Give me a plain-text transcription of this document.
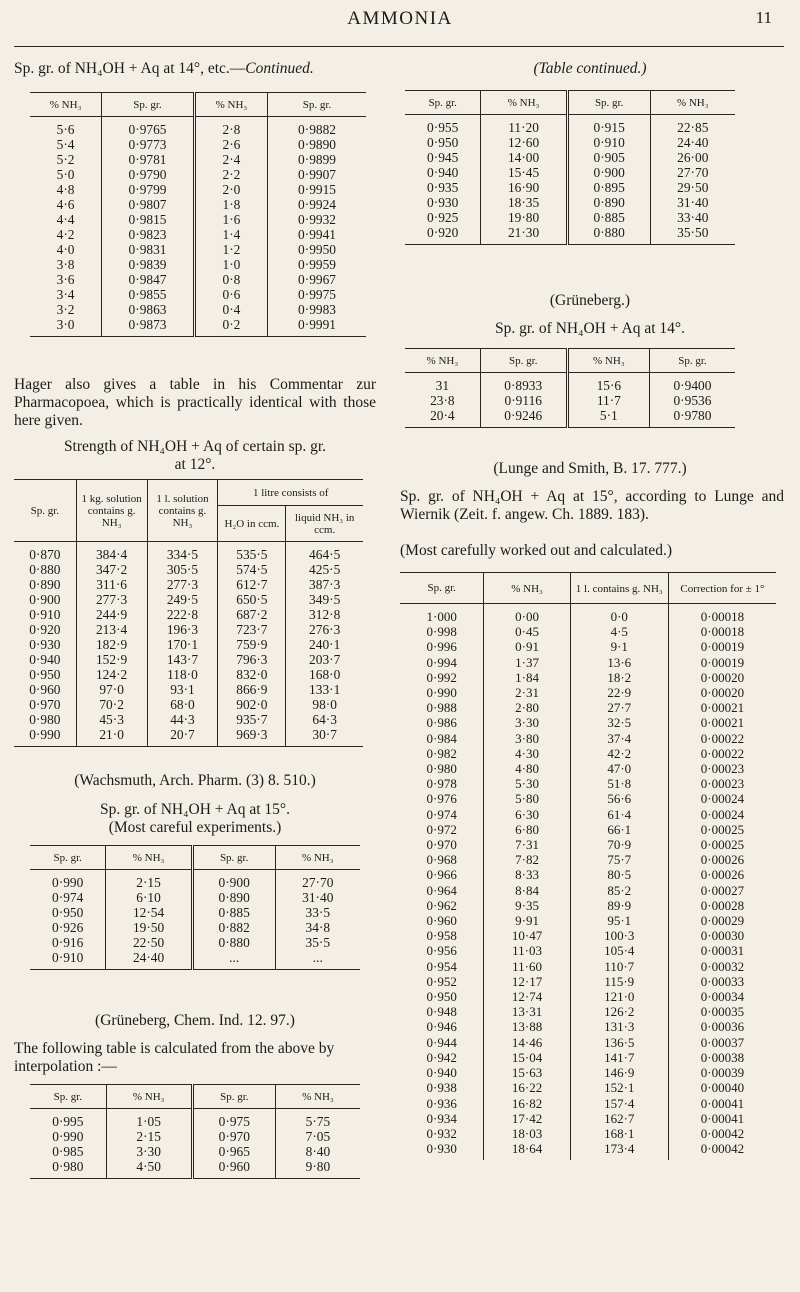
AMMONIA	11
Sp. gr. of NH₄OH + Aq at 14°, etc.—Continued.
% NH₃	Sp. gr.	% NH₃	Sp. gr.
5·6	0·9765	2·8	0·9882
5·4	0·9773	2·6	0·9890
5·2	0·9781	2·4	0·9899
5·0	0·9790	2·2	0·9907
4·8	0·9799	2·0	0·9915
4·6	0·9807	1·8	0·9924
4·4	0·9815	1·6	0·9932
4·2	0·9823	1·4	0·9941
4·0	0·9831	1·2	0·9950
3·8	0·9839	1·0	0·9959
3·6	0·9847	0·8	0·9967
3·4	0·9855	0·6	0·9975
3·2	0·9863	0·4	0·9983
3·0	0·9873	0·2	0·9991
Hager also gives a table in his Commentar zur Pharmacopoea, which is practically identical with those here given.
Strength of NH₄OH + Aq of certain sp. gr.
at 12°.
Sp. gr.	1 kg. solution contains g. NH₃	1 l. solution contains g. NH₃	1 litre consists of	
			H₂O in ccm.	liquid NH₃ in ccm.
0·870	384·4	334·5	535·5	464·5
0·880	347·2	305·5	574·5	425·5
0·890	311·6	277·3	612·7	387·3
0·900	277·3	249·5	650·5	349·5
0·910	244·9	222·8	687·2	312·8
0·920	213·4	196·3	723·7	276·3
0·930	182·9	170·1	759·9	240·1
0·940	152·9	143·7	796·3	203·7
0·950	124·2	118·0	832·0	168·0
0·960	97·0	93·1	866·9	133·1
0·970	70·2	68·0	902·0	98·0
0·980	45·3	44·3	935·7	64·3
0·990	21·0	20·7	969·3	30·7
(Wachsmuth, Arch. Pharm. (3) 8. 510.)
Sp. gr. of NH₄OH + Aq at 15°.
(Most careful experiments.)
Sp. gr.	% NH₃	Sp. gr.	% NH₃
0·990	2·15	0·900	27·70
0·974	6·10	0·890	31·40
0·950	12·54	0·885	33·5
0·926	19·50	0·882	34·8
0·916	22·50	0·880	35·5
0·910	24·40	...	...
(Grüneberg, Chem. Ind. 12. 97.)
The following table is calculated from the above by interpolation :—
Sp. gr.	% NH₃	Sp. gr.	% NH₃
0·995	1·05	0·975	5·75
0·990	2·15	0·970	7·05
0·985	3·30	0·965	8·40
0·980	4·50	0·960	9·80
(Table continued.)
Sp. gr.	% NH₃	Sp. gr.	% NH₃
0·955	11·20	0·915	22·85
0·950	12·60	0·910	24·40
0·945	14·00	0·905	26·00
0·940	15·45	0·900	27·70
0·935	16·90	0·895	29·50
0·930	18·35	0·890	31·40
0·925	19·80	0·885	33·40
0·920	21·30	0·880	35·50
(Grüneberg.)
Sp. gr. of NH₄OH + Aq at 14°.
% NH₃	Sp. gr.	% NH₃	Sp. gr.
31	0·8933	15·6	0·9400
23·8	0·9116	11·7	0·9536
20·4	0·9246	5·1	0·9780
(Lunge and Smith, B. 17. 777.)
Sp. gr. of NH₄OH + Aq at 15°, according to Lunge and Wiernik (Zeit. f. angew. Ch. 1889. 183).
(Most carefully worked out and calculated.)
Sp. gr.	% NH₃	1 l. contains g. NH₃	Correction for ± 1°
1·000	0·00	0·0	0·00018
0·998	0·45	4·5	0·00018
0·996	0·91	9·1	0·00019
0·994	1·37	13·6	0·00019
0·992	1·84	18·2	0·00020
0·990	2·31	22·9	0·00020
0·988	2·80	27·7	0·00021
0·986	3·30	32·5	0·00021
0·984	3·80	37·4	0·00022
0·982	4·30	42·2	0·00022
0·980	4·80	47·0	0·00023
0·978	5·30	51·8	0·00023
0·976	5·80	56·6	0·00024
0·974	6·30	61·4	0·00024
0·972	6·80	66·1	0·00025
0·970	7·31	70·9	0·00025
0·968	7·82	75·7	0·00026
0·966	8·33	80·5	0·00026
0·964	8·84	85·2	0·00027
0·962	9·35	89·9	0·00028
0·960	9·91	95·1	0·00029
0·958	10·47	100·3	0·00030
0·956	11·03	105·4	0·00031
0·954	11·60	110·7	0·00032
0·952	12·17	115·9	0·00033
0·950	12·74	121·0	0·00034
0·948	13·31	126·2	0·00035
0·946	13·88	131·3	0·00036
0·944	14·46	136·5	0·00037
0·942	15·04	141·7	0·00038
0·940	15·63	146·9	0·00039
0·938	16·22	152·1	0·00040
0·936	16·82	157·4	0·00041
0·934	17·42	162·7	0·00041
0·932	18·03	168·1	0·00042
0·930	18·64	173·4	0·00042
